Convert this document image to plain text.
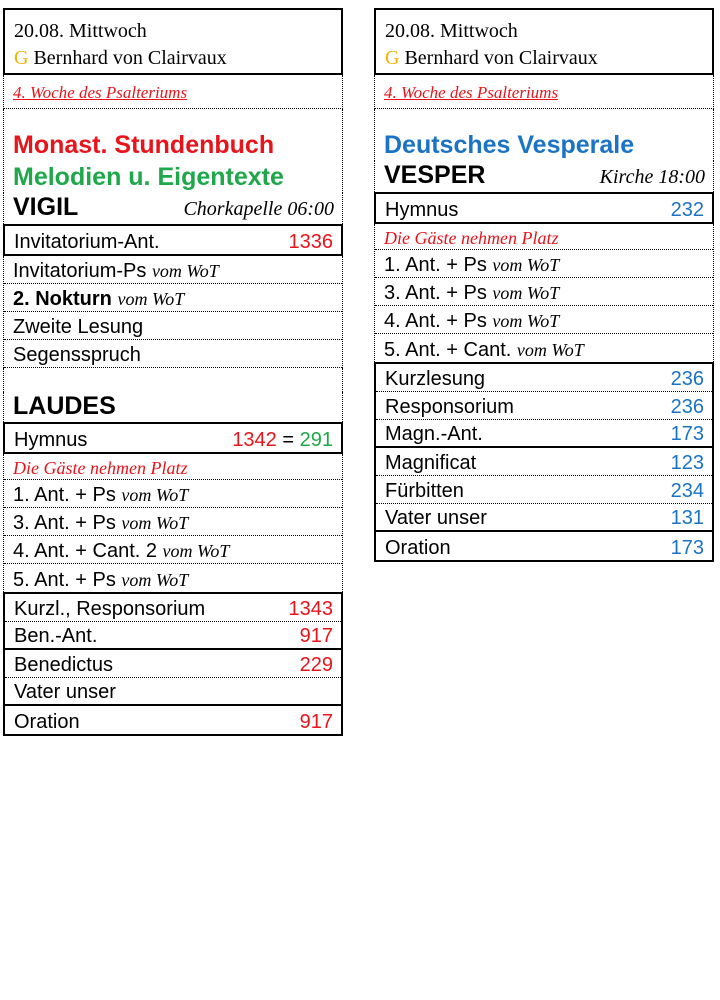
20.08. Mittwoch
G Bernhard von Clairvaux
4. Woche des Psalteriums
Monast. Stundenbuch
Melodien u. Eigentexte
VIGIL	Chorkapelle 06:00
Invitatorium-Ant.	1336
Invitatorium-Ps vom WoT
2. Nokturn vom WoT
Zweite Lesung
Segensspruch
LAUDES
Hymnus	1342 = 291
Die Gäste nehmen Platz
1. Ant. + Ps vom WoT
3. Ant. + Ps vom WoT
4. Ant. + Cant. 2 vom WoT
5. Ant. + Ps vom WoT
Kurzl., Responsorium	1343
Ben.-Ant.	917
Benedictus	229
Vater unser
Oration	917
20.08. Mittwoch
G Bernhard von Clairvaux
4. Woche des Psalteriums
Deutsches Vesperale
VESPER	Kirche 18:00
Hymnus	232
Die Gäste nehmen Platz
1. Ant. + Ps vom WoT
3. Ant. + Ps vom WoT
4. Ant. + Ps vom WoT
5. Ant. + Cant. vom WoT
Kurzlesung	236
Responsorium	236
Magn.-Ant.	173
Magnificat	123
Fürbitten	234
Vater unser	131
Oration	173
